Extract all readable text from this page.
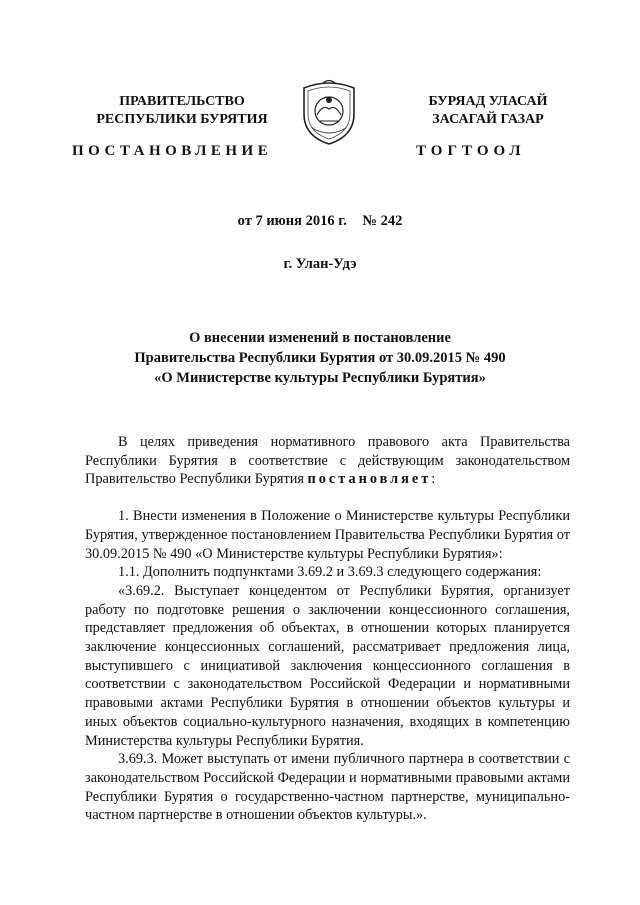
ПРАВИТЕЛЬСТВО
РЕСПУБЛИКИ БУРЯТИЯ
БУРЯАД УЛАСАЙ
ЗАСАГАЙ ГАЗАР
ПОСТАНОВЛЕНИЕ	ТОГТООЛ
от 7 июня 2016 г. № 242
г. Улан-Удэ
О внесении изменений в постановление
Правительства Республики Бурятия от 30.09.2015 № 490
«О Министерстве культуры Республики Бурятия»

В целях приведения нормативного правового акта Правительства Республики Бурятия в соответствие с действующим законодательством Правительство Республики Бурятия постановляет:

1. Внести изменения в Положение о Министерстве культуры Республики Бурятия, утвержденное постановлением Правительства Республики Бурятия от 30.09.2015 № 490 «О Министерстве культуры Республики Бурятия»:

1.1. Дополнить подпунктами 3.69.2 и 3.69.3 следующего содержания:

«3.69.2. Выступает концедентом от Республики Бурятия, организует работу по подготовке решения о заключении концессионного соглашения, представляет предложения об объектах, в отношении которых планируется заключение концессионных соглашений, рассматривает предложения лица, выступившего с инициативой заключения концессионного соглашения в соответствии с законодательством Российской Федерации и нормативными правовыми актами Республики Бурятия в отношении объектов культуры и иных объектов социально-культурного назначения, входящих в компетенцию Министерства культуры Республики Бурятия.

3.69.3. Может выступать от имени публичного партнера в соответствии с законодательством Российской Федерации и нормативными правовыми актами Республики Бурятия о государственно-частном партнерстве, муниципально-частном партнерстве в отношении объектов культуры.».
